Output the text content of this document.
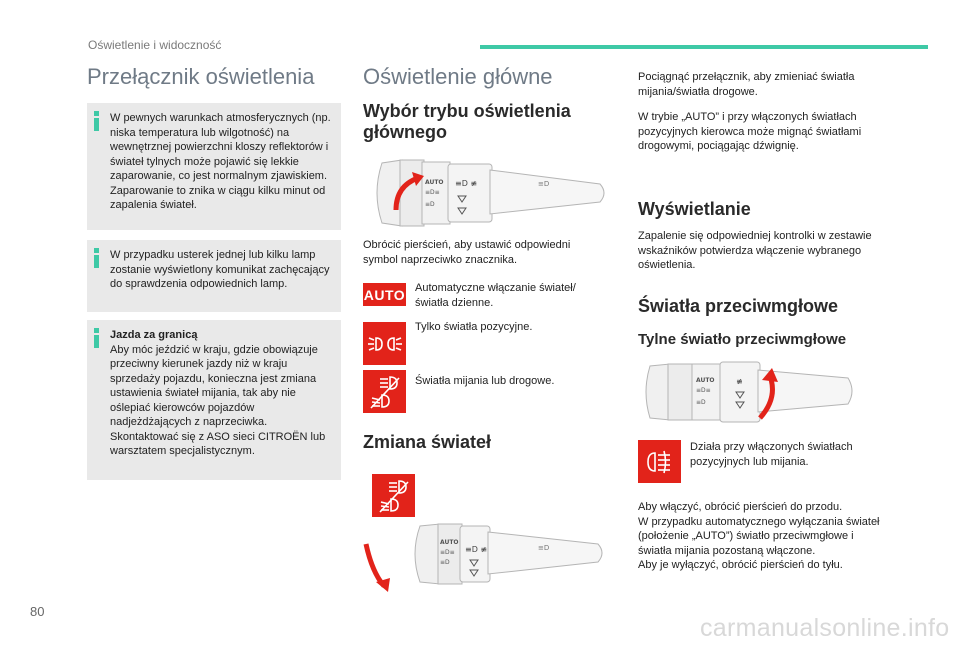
Oświetlenie i widoczność
Przełącznik oświetlenia
W pewnych warunkach atmosferycznych (np. niska temperatura lub wilgotność) na wewnętrznej powierzchni kloszy reflektorów i świateł tylnych może pojawić się lekkie zaparowanie, co jest normalnym zjawiskiem. Zaparowanie to znika w ciągu kilku minut od zapalenia świateł.
W przypadku usterek jednej lub kilku lamp zostanie wyświetlony komunikat zachęcający do sprawdzenia odpowiednich lamp.
Jazda za granicą
Aby móc jeździć w kraju, gdzie obowiązuje przeciwny kierunek jazdy niż w kraju sprzedaży pojazdu, konieczna jest zmiana ustawienia świateł mijania, tak aby nie oślepiać kierowców pojazdów nadjeżdżających z naprzeciwka. Skontaktować się z ASO sieci CITROËN lub warsztatem specjalistycznym.
Oświetlenie główne
Wybór trybu oświetlenia głównego
AUTO
≡D≡
≡D
≡D ≢	≡D
Obrócić pierścień, aby ustawić odpowiedni symbol naprzeciwko znacznika.
AUTO Automatyczne włączanie świateł/ światła dzienne.
Tylko światła pozycyjne.
Światła mijania lub drogowe.
Zmiana świateł
AUTO
≡D≡
≡D
≡D ≢	≡D
Pociągnąć przełącznik, aby zmieniać światła mijania/światła drogowe.
W trybie „AUTO” i przy włączonych światłach pozycyjnych kierowca może mignąć światłami drogowymi, pociągając dźwignię.
Wyświetlanie
Zapalenie się odpowiedniej kontrolki w zestawie wskaźników potwierdza włączenie wybranego oświetlenia.
Światła przeciwmgłowe
Tylne światło przeciwmgłowe
AUTO
≡D≡
≡D
≢
Działa przy włączonych światłach pozycyjnych lub mijania.
Aby włączyć, obrócić pierścień do przodu.
W przypadku automatycznego wyłączania świateł (położenie „AUTO”) światło przeciwmgłowe i światła mijania pozostaną włączone.
Aby je wyłączyć, obrócić pierścień do tyłu.
80
carmanualsonline.info
